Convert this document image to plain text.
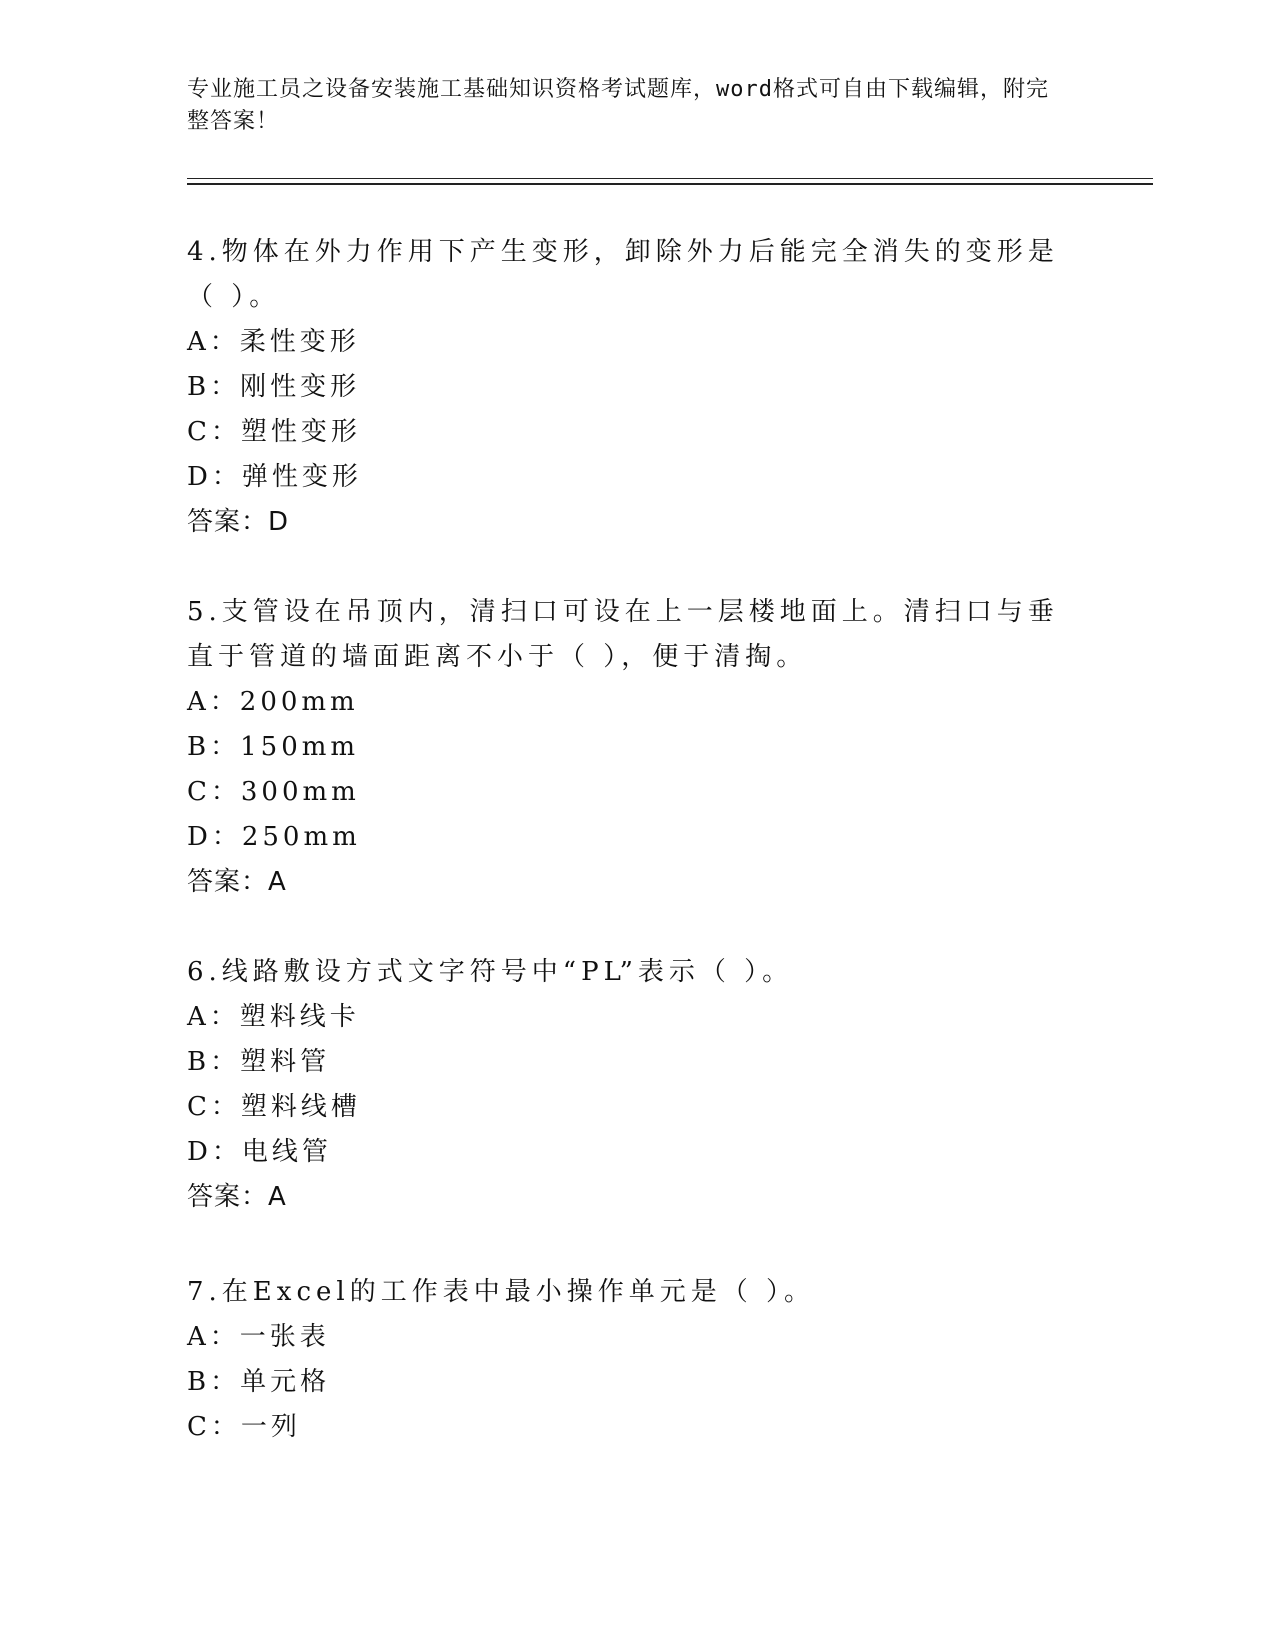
专业施工员之设备安装施工基础知识资格考试题库，word格式可自由下载编辑，附完整答案！
4.物体在外力作用下产生变形，卸除外力后能完全消失的变形是（ ）。
A：柔性变形
B：刚性变形
C：塑性变形
D：弹性变形
答案：D
5.支管设在吊顶内，清扫口可设在上一层楼地面上。清扫口与垂直于管道的墙面距离不小于（ ），便于清掏。
A：200mm
B：150mm
C：300mm
D：250mm
答案：A
6.线路敷设方式文字符号中“PL”表示（ ）。
A：塑料线卡
B：塑料管
C：塑料线槽
D：电线管
答案：A
7.在Excel的工作表中最小操作单元是（ ）。
A：一张表
B：单元格
C：一列
